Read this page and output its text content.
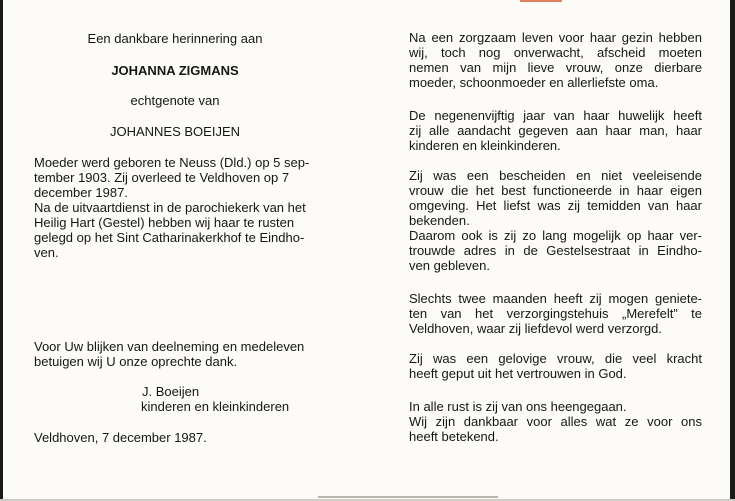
Een dankbare herinnering aan
JOHANNA ZIGMANS
echtgenote van
JOHANNES BOEIJEN

Moeder werd geboren te Neuss (Dld.) op 5 sep-

tember 1903. Zij overleed te Veldhoven op 7

december 1987.

Na de uitvaartdienst in de parochiekerk van het

Heilig Hart (Gestel) hebben wij haar te rusten

gelegd op het Sint Catharinakerkhof te Eindho-

ven.

Voor Uw blijken van deelneming en medeleven

betuigen wij U onze oprechte dank.

J. Boeijen

kinderen en kleinkinderen

Veldhoven, 7 december 1987.

Na een zorgzaam leven voor haar gezin hebben

wij, toch nog onverwacht, afscheid moeten

nemen van mijn lieve vrouw, onze dierbare

moeder, schoonmoeder en allerliefste oma.

De negenenvijftig jaar van haar huwelijk heeft

zij alle aandacht gegeven aan haar man, haar

kinderen en kleinkinderen.

Zij was een bescheiden en niet veeleisende

vrouw die het best functioneerde in haar eigen

omgeving. Het liefst was zij temidden van haar

bekenden.

Daarom ook is zij zo lang mogelijk op haar ver-

trouwde adres in de Gestelsestraat in Eindho-

ven gebleven.

Slechts twee maanden heeft zij mogen geniete-

ten van het verzorgingstehuis „Merefelt” te

Veldhoven, waar zij liefdevol werd verzorgd.

Zij was een gelovige vrouw, die veel kracht

heeft geput uit het vertrouwen in God.

In alle rust is zij van ons heengegaan.

Wij zijn dankbaar voor alles wat ze voor ons

heeft betekend.
